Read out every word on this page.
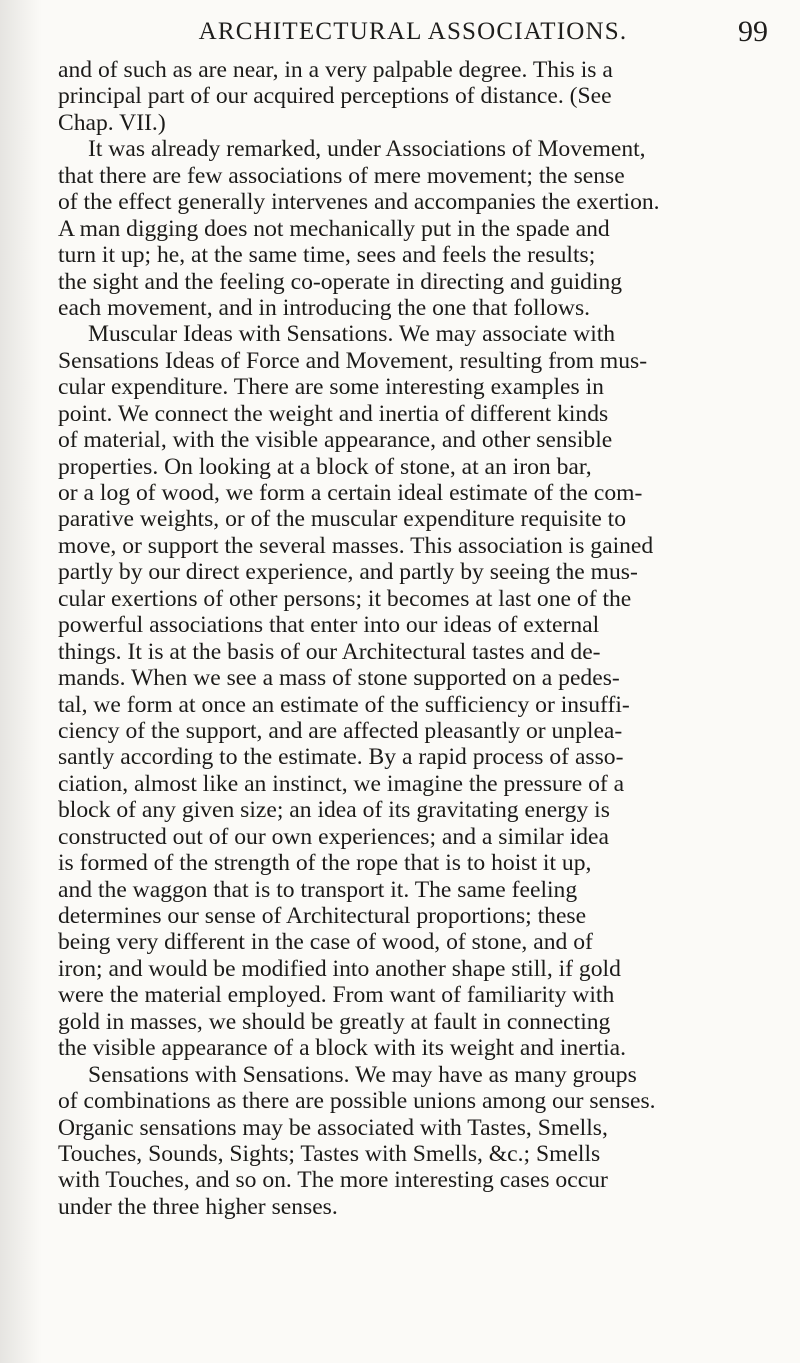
ARCHITECTURAL ASSOCIATIONS.	99
and of such as are near, in a very palpable degree. This is a
principal part of our acquired perceptions of distance. (See
Chap. VII.)
It was already remarked, under Associations of Movement,
that there are few associations of mere movement; the sense
of the effect generally intervenes and accompanies the exertion.
A man digging does not mechanically put in the spade and
turn it up; he, at the same time, sees and feels the results;
the sight and the feeling co-operate in directing and guiding
each movement, and in introducing the one that follows.
Muscular Ideas with Sensations. We may associate with
Sensations Ideas of Force and Movement, resulting from mus-
cular expenditure. There are some interesting examples in
point. We connect the weight and inertia of different kinds
of material, with the visible appearance, and other sensible
properties. On looking at a block of stone, at an iron bar,
or a log of wood, we form a certain ideal estimate of the com-
parative weights, or of the muscular expenditure requisite to
move, or support the several masses. This association is gained
partly by our direct experience, and partly by seeing the mus-
cular exertions of other persons; it becomes at last one of the
powerful associations that enter into our ideas of external
things. It is at the basis of our Architectural tastes and de-
mands. When we see a mass of stone supported on a pedes-
tal, we form at once an estimate of the sufficiency or insuffi-
ciency of the support, and are affected pleasantly or unplea-
santly according to the estimate. By a rapid process of asso-
ciation, almost like an instinct, we imagine the pressure of a
block of any given size; an idea of its gravitating energy is
constructed out of our own experiences; and a similar idea
is formed of the strength of the rope that is to hoist it up,
and the waggon that is to transport it. The same feeling
determines our sense of Architectural proportions; these
being very different in the case of wood, of stone, and of
iron; and would be modified into another shape still, if gold
were the material employed. From want of familiarity with
gold in masses, we should be greatly at fault in connecting
the visible appearance of a block with its weight and inertia.
Sensations with Sensations. We may have as many groups
of combinations as there are possible unions among our senses.
Organic sensations may be associated with Tastes, Smells,
Touches, Sounds, Sights; Tastes with Smells, &c.; Smells
with Touches, and so on. The more interesting cases occur
under the three higher senses.
